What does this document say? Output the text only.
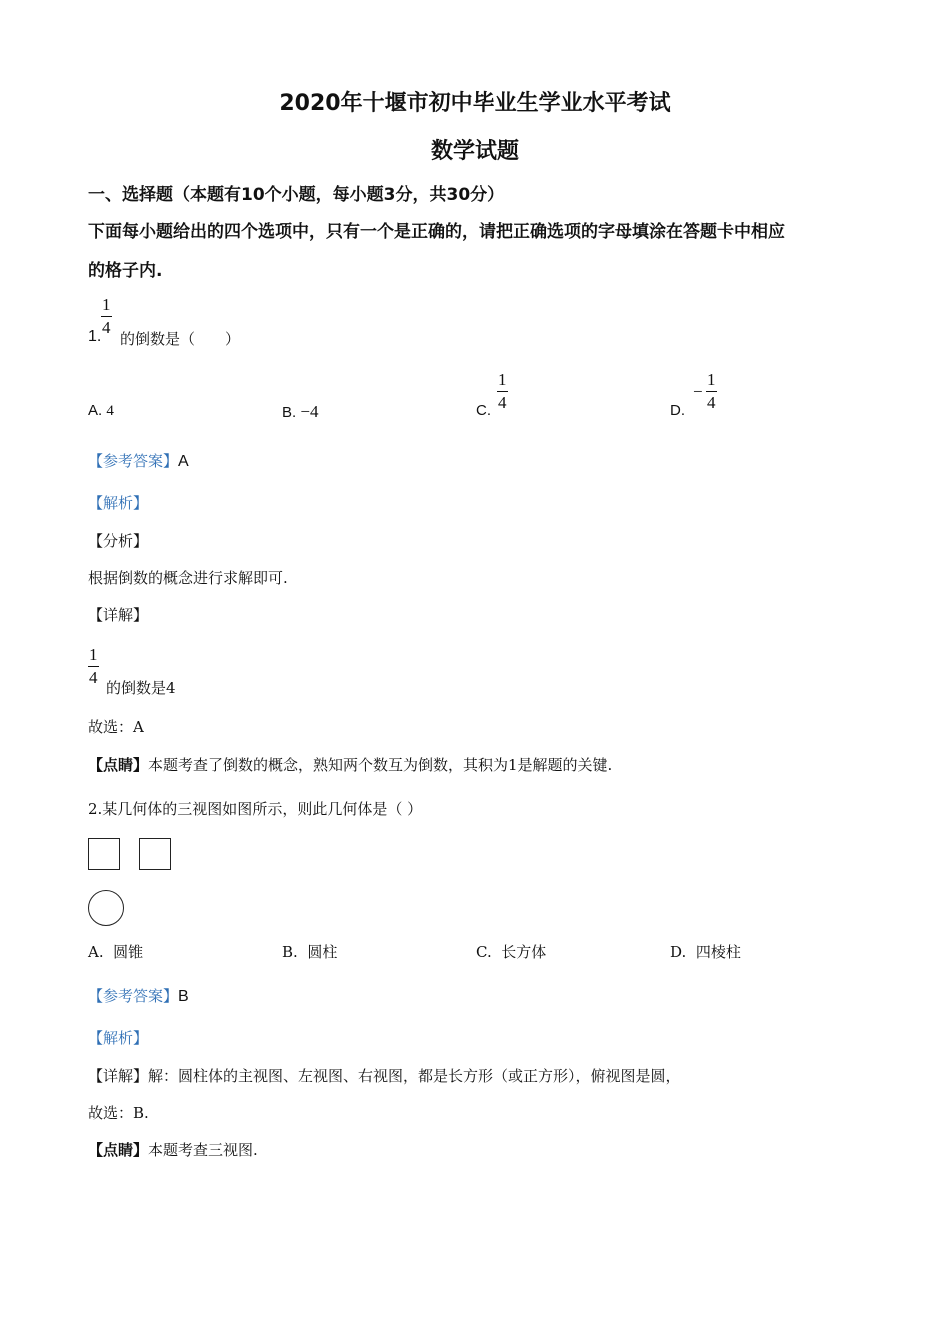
2020年十堰市初中毕业生学业水平考试
数学试题
一、选择题（本题有10个小题，每小题3分，共30分）
下面每小题给出的四个选项中，只有一个是正确的，请把正确选项的字母填涂在答题卡中相应
的格子内.
1.
1
4
的倒数是（　　）
A. 4	B. −4	C.
1
4	D.
−
1
4
【参考答案】A
【解析】
【分析】
根据倒数的概念进行求解即可.
【详解】
1
4
的倒数是4
故选：A
【点睛】本题考查了倒数的概念，熟知两个数互为倒数，其积为1是解题的关键.
2.某几何体的三视图如图所示，则此几何体是（ ）
A. 圆锥	B. 圆柱	C. 长方体	D. 四棱柱
【参考答案】B
【解析】
【详解】解：圆柱体的主视图、左视图、右视图，都是长方形（或正方形），俯视图是圆，
故选：B.
【点睛】本题考查三视图.
